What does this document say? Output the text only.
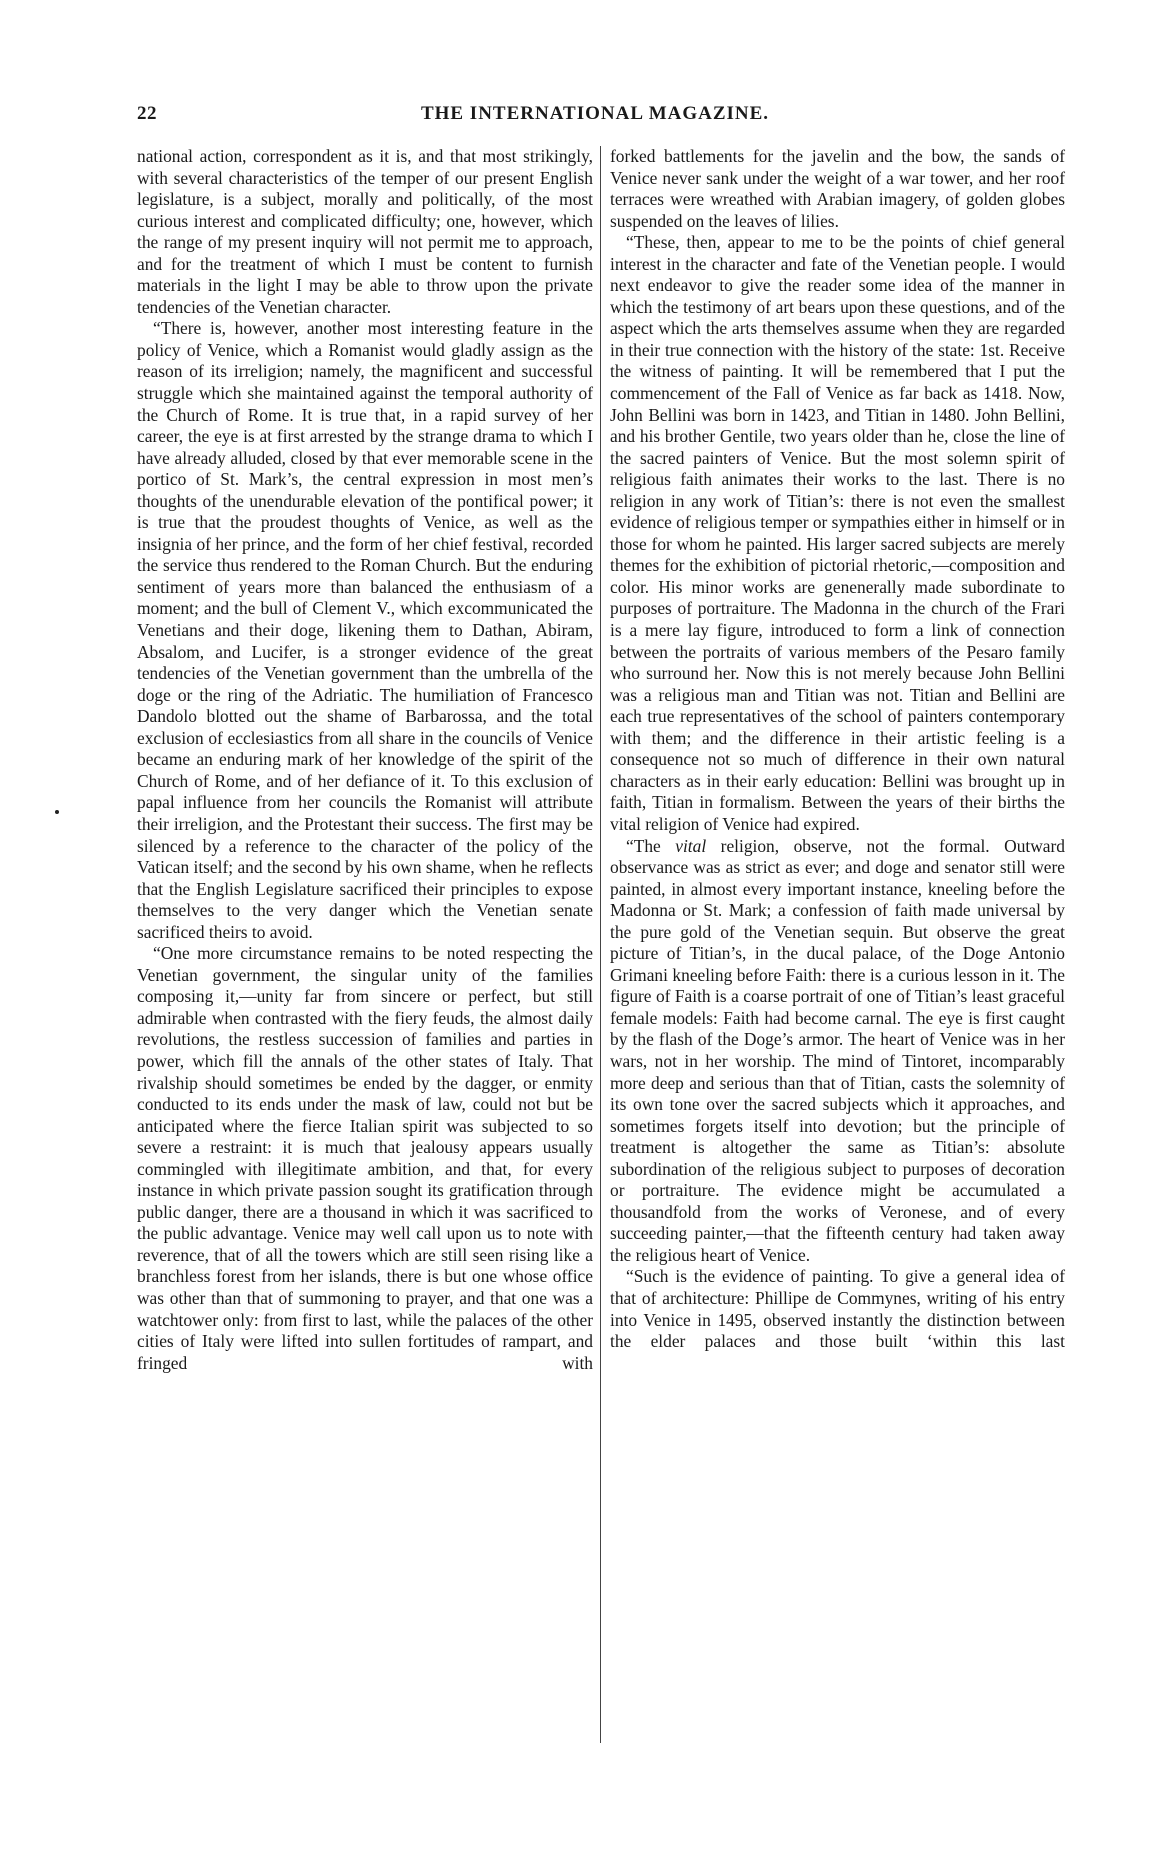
22	THE INTERNATIONAL MAGAZINE.

national action, correspondent as it is, and that most strikingly, with several characteristics of the temper of our present English legislature, is a subject, morally and politically, of the most curious interest and complicated difficulty; one, however, which the range of my present inquiry will not permit me to approach, and for the treatment of which I must be content to furnish materials in the light I may be able to throw upon the private tendencies of the Venetian character.

“There is, however, another most interesting feature in the policy of Venice, which a Romanist would gladly assign as the reason of its irreligion; namely, the magnificent and successful struggle which she maintained against the temporal authority of the Church of Rome. It is true that, in a rapid survey of her career, the eye is at first arrested by the strange drama to which I have already alluded, closed by that ever memorable scene in the portico of St. Mark’s, the central expression in most men’s thoughts of the unendurable elevation of the pontifical power; it is true that the proudest thoughts of Venice, as well as the insignia of her prince, and the form of her chief festival, recorded the service thus rendered to the Roman Church. But the enduring sentiment of years more than balanced the enthusiasm of a moment; and the bull of Clement V., which excommunicated the Venetians and their doge, likening them to Dathan, Abiram, Absalom, and Lucifer, is a stronger evidence of the great tendencies of the Venetian government than the umbrella of the doge or the ring of the Adriatic. The humiliation of Francesco Dandolo blotted out the shame of Barbarossa, and the total exclusion of ecclesiastics from all share in the councils of Venice became an enduring mark of her knowledge of the spirit of the Church of Rome, and of her defiance of it. To this exclusion of papal influence from her councils the Romanist will attribute their irreligion, and the Protestant their success. The first may be silenced by a reference to the character of the policy of the Vatican itself; and the second by his own shame, when he reflects that the English Legislature sacrificed their principles to expose themselves to the very danger which the Venetian senate sacrificed theirs to avoid.

“One more circumstance remains to be noted respecting the Venetian government, the singular unity of the families composing it,—unity far from sincere or perfect, but still admirable when contrasted with the fiery feuds, the almost daily revolutions, the restless succession of families and parties in power, which fill the annals of the other states of Italy. That rivalship should sometimes be ended by the dagger, or enmity conducted to its ends under the mask of law, could not but be anticipated where the fierce Italian spirit was subjected to so severe a restraint: it is much that jealousy appears usually commingled with illegitimate ambition, and that, for every instance in which private passion sought its gratification through public danger, there are a thousand in which it was sacrificed to the public advantage. Venice may well call upon us to note with reverence, that of all the towers which are still seen rising like a branchless forest from her islands, there is but one whose office was other than that of summoning to prayer, and that one was a watchtower only: from first to last, while the palaces of the other cities of Italy were lifted into sullen fortitudes of rampart, and fringed with

forked battlements for the javelin and the bow, the sands of Venice never sank under the weight of a war tower, and her roof terraces were wreathed with Arabian imagery, of golden globes suspended on the leaves of lilies.

“These, then, appear to me to be the points of chief general interest in the character and fate of the Venetian people. I would next endeavor to give the reader some idea of the manner in which the testimony of art bears upon these questions, and of the aspect which the arts themselves assume when they are regarded in their true connection with the history of the state: 1st. Receive the witness of painting. It will be remembered that I put the commencement of the Fall of Venice as far back as 1418. Now, John Bellini was born in 1423, and Titian in 1480. John Bellini, and his brother Gentile, two years older than he, close the line of the sacred painters of Venice. But the most solemn spirit of religious faith animates their works to the last. There is no religion in any work of Titian’s: there is not even the smallest evidence of religious temper or sympathies either in himself or in those for whom he painted. His larger sacred subjects are merely themes for the exhibition of pictorial rhetoric,—composition and color. His minor works are genenerally made subordinate to purposes of portraiture. The Madonna in the church of the Frari is a mere lay figure, introduced to form a link of connection between the portraits of various members of the Pesaro family who surround her. Now this is not merely because John Bellini was a religious man and Titian was not. Titian and Bellini are each true representatives of the school of painters contemporary with them; and the difference in their artistic feeling is a consequence not so much of difference in their own natural characters as in their early education: Bellini was brought up in faith, Titian in formalism. Between the years of their births the vital religion of Venice had expired.

“The vital religion, observe, not the formal. Outward observance was as strict as ever; and doge and senator still were painted, in almost every important instance, kneeling before the Madonna or St. Mark; a confession of faith made universal by the pure gold of the Venetian sequin. But observe the great picture of Titian’s, in the ducal palace, of the Doge Antonio Grimani kneeling before Faith: there is a curious lesson in it. The figure of Faith is a coarse portrait of one of Titian’s least graceful female models: Faith had become carnal. The eye is first caught by the flash of the Doge’s armor. The heart of Venice was in her wars, not in her worship. The mind of Tintoret, incomparably more deep and serious than that of Titian, casts the solemnity of its own tone over the sacred subjects which it approaches, and sometimes forgets itself into devotion; but the principle of treatment is altogether the same as Titian’s: absolute subordination of the religious subject to purposes of decoration or portraiture. The evidence might be accumulated a thousandfold from the works of Veronese, and of every succeeding painter,—that the fifteenth century had taken away the religious heart of Venice.

“Such is the evidence of painting. To give a general idea of that of architecture: Phillipe de Commynes, writing of his entry into Venice in 1495, observed instantly the distinction between the elder palaces and those built ‘within this last
